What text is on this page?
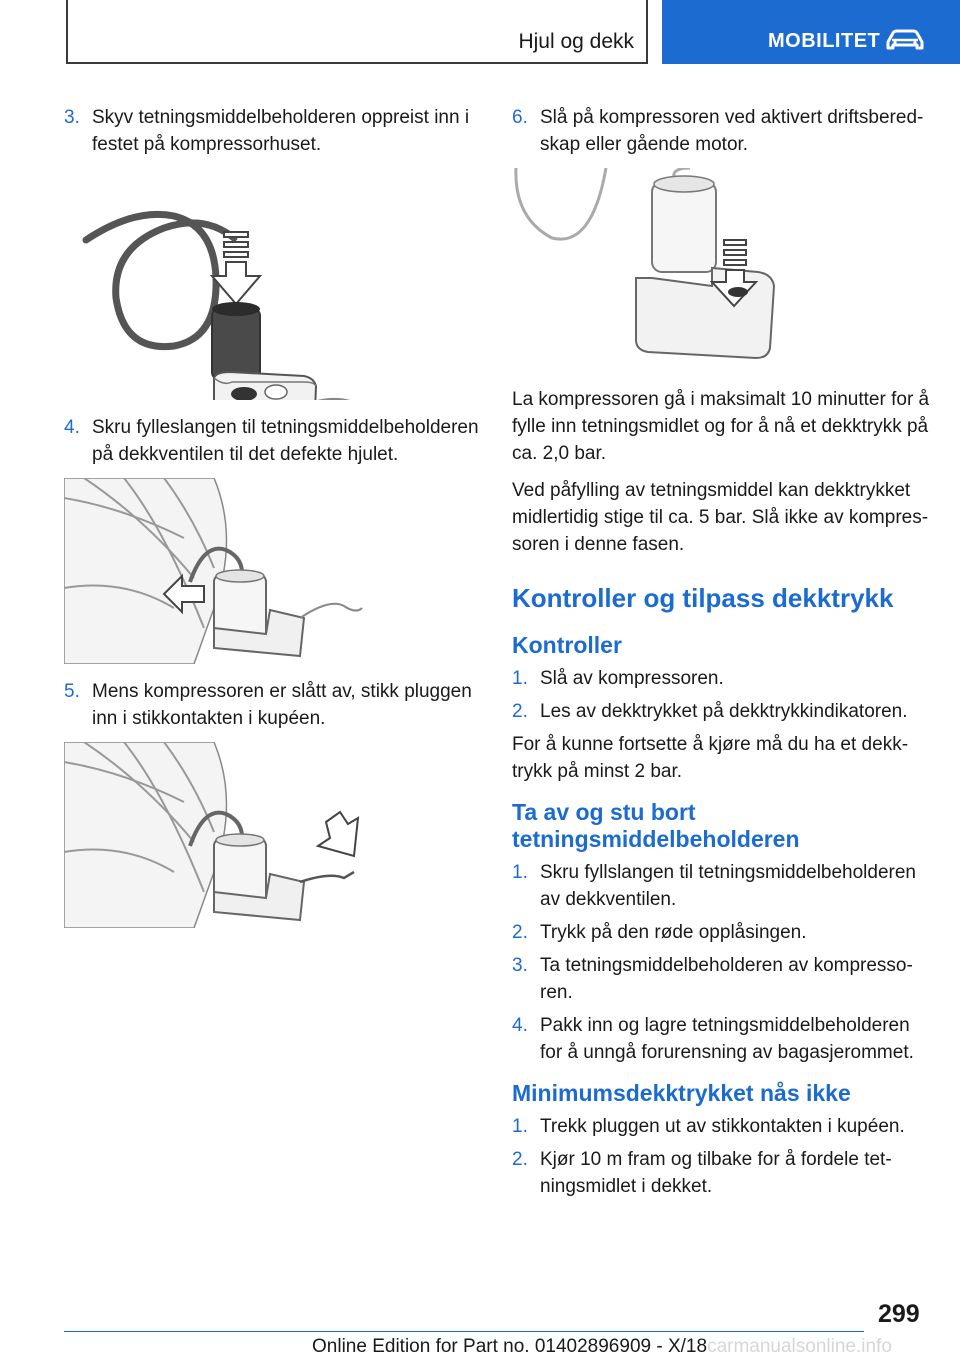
Hjul og dekk	MOBILITET
3. Skyv tetningsmiddelbeholderen oppreist inn i festet på kompressorhuset.
4. Skru fylleslangen til tetningsmiddelbeholderen på dekkventilen til det defekte hjulet.
5. Mens kompressoren er slått av, stikk pluggen inn i stikkontakten i kupéen.
6. Slå på kompressoren ved aktivert driftsberedskap eller gående motor.

La kompressoren gå i maksimalt 10 minutter for å fylle inn tetningsmidlet og for å nå et dekktrykk på ca. 2,0 bar.

Ved påfylling av tetningsmiddel kan dekktrykket midlertidig stige til ca. 5 bar. Slå ikke av kompressoren i denne fasen.

Kontroller og tilpass dekktrykk
Kontroller
1. Slå av kompressoren.
2. Les av dekktrykket på dekktrykkindikatoren.

For å kunne fortsette å kjøre må du ha et dekktrykk på minst 2 bar.

Ta av og stu bort tetningsmiddelbeholderen
1. Skru fyllslangen til tetningsmiddelbeholderen av dekkventilen.
2. Trykk på den røde opplåsingen.
3. Ta tetningsmiddelbeholderen av kompressoren.
4. Pakk inn og lagre tetningsmiddelbeholderen for å unngå forurensning av bagasjerommet.
Minimumsdekktrykket nås ikke
1. Trekk pluggen ut av stikkontakten i kupéen.
2. Kjør 10 m fram og tilbake for å fordele tetningsmidlet i dekket.
299
Online Edition for Part no. 01402896909 - X/18carmanualsonline.info
